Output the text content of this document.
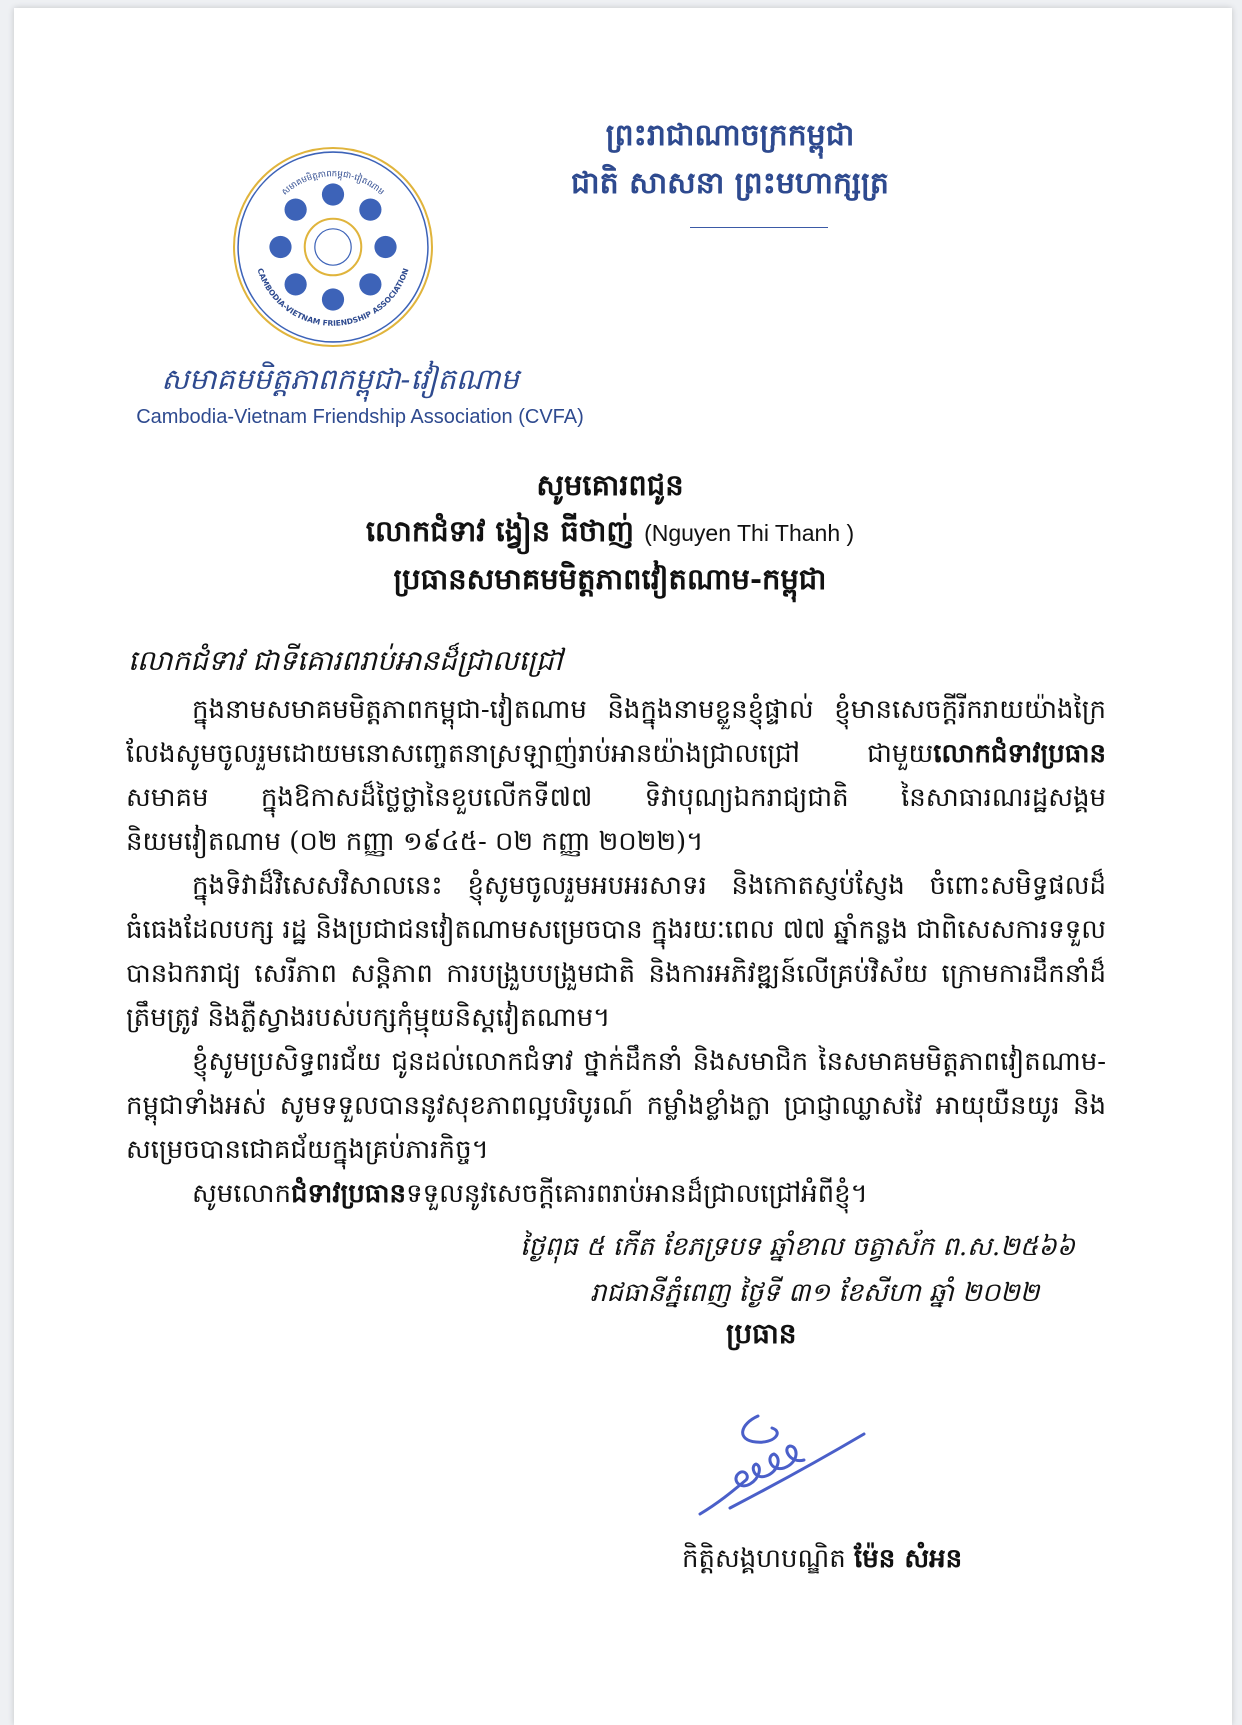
ព្រះរាជាណាចក្រកម្ពុជា
ជាតិ សាសនា ព្រះមហាក្សត្រ
សមាគមមិត្តភាពកម្ពុជា-វៀតណាម
CAMBODIA-VIETNAM FRIENDSHIP ASSOCIATION
សមាគមមិត្តភាពកម្ពុជា-វៀតណាម
Cambodia-Vietnam Friendship Association (CVFA)
សូមគោរពជូន
លោកជំទាវ ង្វៀន ធីថាញ់ (Nguyen Thi Thanh )
ប្រធានសមាគមមិត្តភាពវៀតណាម-កម្ពុជា
លោកជំទាវ ជាទីគោរពរាប់អានដ៏ជ្រាលជ្រៅ

ក្នុងនាមសមាគមមិត្តភាពកម្ពុជា-វៀតណាម និងក្នុងនាមខ្លួនខ្ញុំផ្ទាល់ ខ្ញុំមានសេចក្តីរីករាយយ៉ាងក្រៃលែងសូមចូលរួមដោយមនោសញ្ចេតនាស្រឡាញ់រាប់អានយ៉ាងជ្រាលជ្រៅ ជាមួយលោកជំទាវប្រធានសមាគម ក្នុងឱកាសដ៏ថ្លៃថ្លានៃខួបលើកទី៧៧ ទិវាបុណ្យឯករាជ្យជាតិ នៃសាធារណរដ្ឋសង្គមនិយមវៀតណាម (០២ កញ្ញា ១៩៤៥- ០២ កញ្ញា ២០២២)។

ក្នុងទិវាដ៏វិសេសវិសាលនេះ ខ្ញុំសូមចូលរួមអបអរសាទរ និងកោតស្ញប់ស្ញែង ចំពោះសមិទ្ធផលដ៏ធំធេងដែលបក្ស រដ្ឋ និងប្រជាជនវៀតណាមសម្រេចបាន ក្នុងរយៈពេល ៧៧ ឆ្នាំកន្លង ជាពិសេសការទទួលបានឯករាជ្យ សេរីភាព សន្តិភាព ការបង្រួបបង្រួមជាតិ និងការអភិវឌ្ឍន៍លើគ្រប់វិស័យ ក្រោមការដឹកនាំដ៏ត្រឹមត្រូវ និងភ្លឺស្វាងរបស់បក្សកុំម្មុយនិស្តវៀតណាម។

ខ្ញុំសូមប្រសិទ្ធពរជ័យ ជូនដល់លោកជំទាវ ថ្នាក់ដឹកនាំ និងសមាជិក នៃសមាគមមិត្តភាពវៀតណាម-កម្ពុជាទាំងអស់ សូមទទួលបាននូវសុខភាពល្អបរិបូរណ៍ កម្លាំងខ្លាំងក្លា ប្រាជ្ញាឈ្លាសវៃ អាយុយឺនយូរ និងសម្រេចបានជោគជ័យក្នុងគ្រប់ភារកិច្ច។

សូមលោកជំទាវប្រធានទទួលនូវសេចក្តីគោរពរាប់អានដ៏ជ្រាលជ្រៅអំពីខ្ញុំ។

ថ្ងៃពុធ ៥ កើត ខែភទ្របទ ឆ្នាំខាល ចត្វាស័ក ព.ស.២៥៦៦
រាជធានីភ្នំពេញ ថ្ងៃទី ៣១ ខែសីហា ឆ្នាំ ២០២២
ប្រធាន
កិត្តិសង្គហបណ្ឌិត ម៉ែន សំអន
